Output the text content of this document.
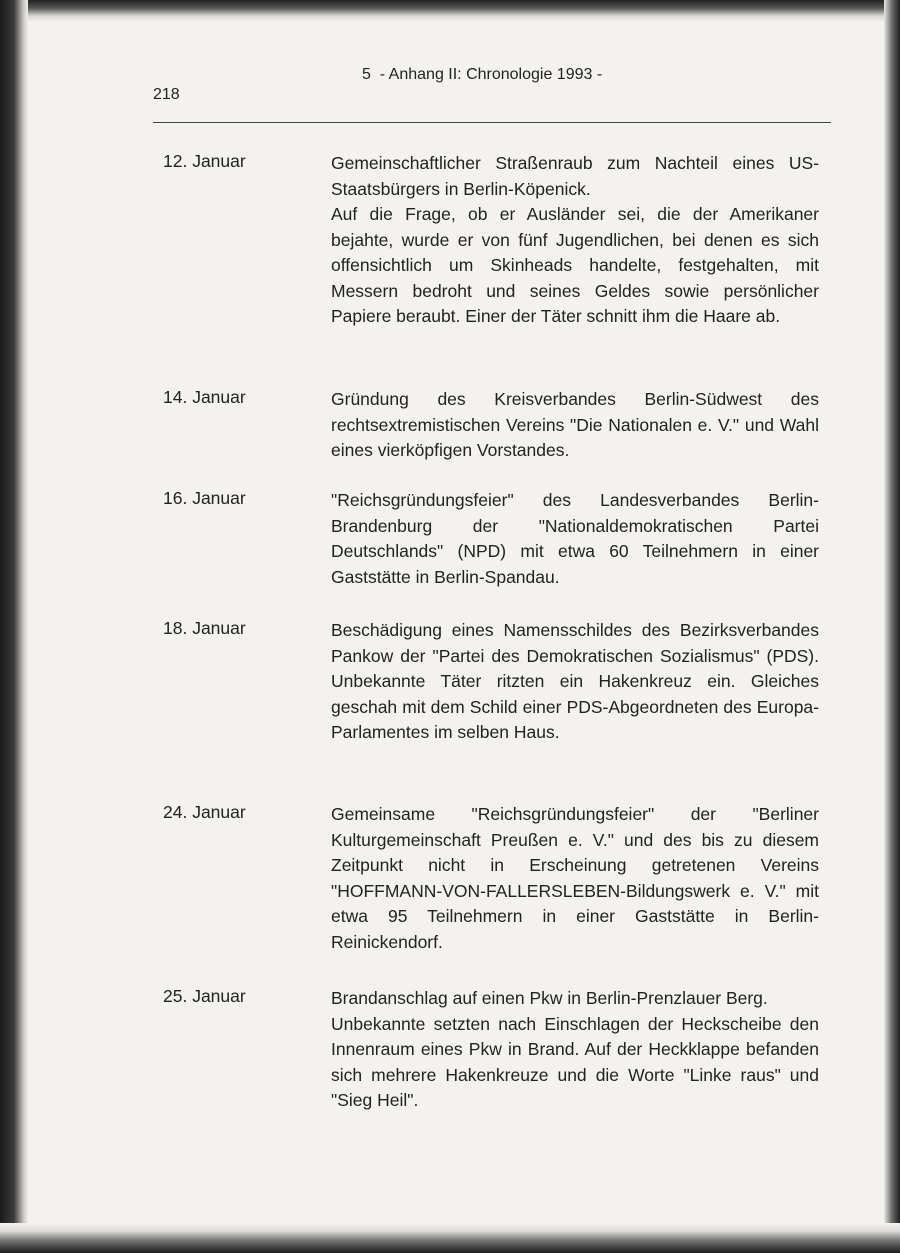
5  - Anhang II: Chronologie 1993 -
218
12. Januar	Gemeinschaftlicher Straßenraub zum Nachteil eines US-Staatsbürgers in Berlin-Köpenick.

Auf die Frage, ob er Ausländer sei, die der Amerikaner bejahte, wurde er von fünf Jugendlichen, bei denen es sich offensichtlich um Skinheads handelte, festgehalten, mit Messern bedroht und seines Geldes sowie persönlicher Papiere beraubt. Einer der Täter schnitt ihm die Haare ab.

14. Januar	Gründung des Kreisverbandes Berlin-Südwest des rechtsextremistischen Vereins "Die Nationalen e. V." und Wahl eines vierköpfigen Vorstandes.

16. Januar	"Reichsgründungsfeier" des Landesverbandes Berlin-Brandenburg der "Nationaldemokratischen Partei Deutschlands" (NPD) mit etwa 60 Teilnehmern in einer Gaststätte in Berlin-Spandau.

18. Januar	Beschädigung eines Namensschildes des Bezirksverbandes Pankow der "Partei des Demokratischen Sozialismus" (PDS). Unbekannte Täter ritzten ein Hakenkreuz ein. Gleiches geschah mit dem Schild einer PDS-Abgeordneten des Europa-Parlamentes im selben Haus.

24. Januar	Gemeinsame "Reichsgründungsfeier" der "Berliner Kulturgemeinschaft Preußen e. V." und des bis zu diesem Zeitpunkt nicht in Erscheinung getretenen Vereins "HOFFMANN-VON-FALLERSLEBEN-Bildungswerk e. V." mit etwa 95 Teilnehmern in einer Gaststätte in Berlin-Reinickendorf.

25. Januar	Brandanschlag auf einen Pkw in Berlin-Prenzlauer Berg.

Unbekannte setzten nach Einschlagen der Heckscheibe den Innenraum eines Pkw in Brand. Auf der Heckklappe befanden sich mehrere Hakenkreuze und die Worte "Linke raus" und "Sieg Heil".
